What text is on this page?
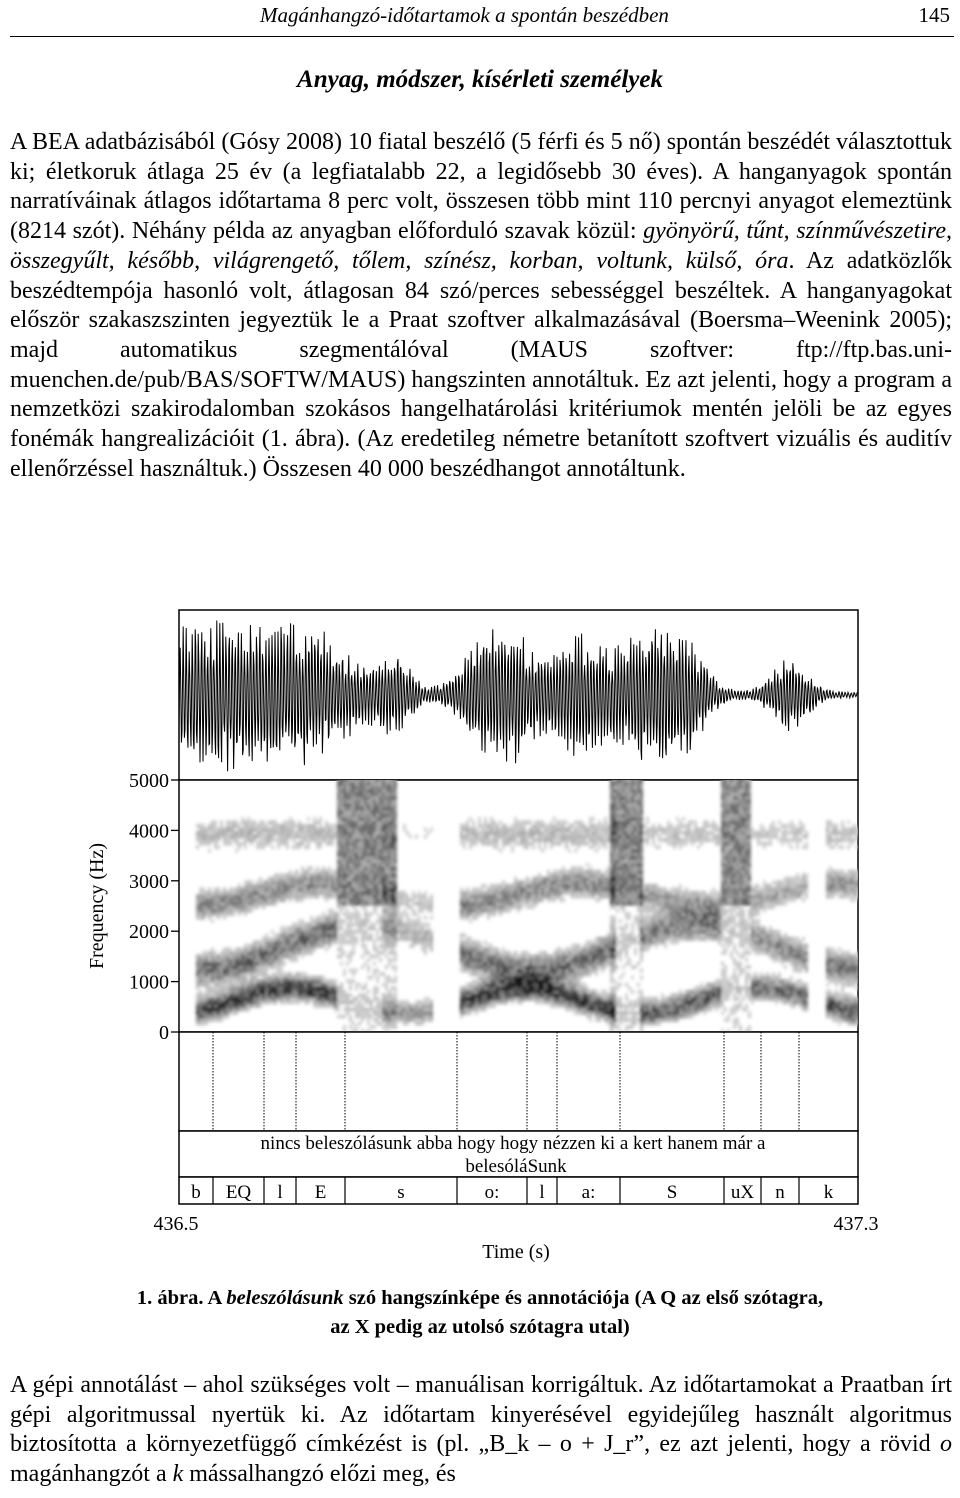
Magánhangzó-időtartamok a spontán beszédben	145
Anyag, módszer, kísérleti személyek

A BEA adatbázisából (Gósy 2008) 10 fiatal beszélő (5 férfi és 5 nő) spontán beszédét választottuk ki; életkoruk átlaga 25 év (a legfiatalabb 22, a legidősebb 30 éves). A hanganyagok spontán narratíváinak átlagos időtartama 8 perc volt, összesen több mint 110 percnyi anyagot elemeztünk (8214 szót). Néhány példa az anyagban előforduló szavak közül: gyönyörű, tűnt, színművészetire, összegyűlt, később, világrengető, tőlem, színész, korban, voltunk, külső, óra. Az adatközlők beszédtempója hasonló volt, átlagosan 84 szó/perces sebességgel beszéltek. A hanganyagokat először szakaszszinten jegyeztük le a Praat szoftver alkalmazásával (Boersma–Weenink 2005); majd automatikus szegmentálóval (MAUS szoftver: ftp://ftp.bas.uni-muenchen.de/pub/BAS/SOFTW/MAUS) hangszinten annotáltuk. Ez azt jelenti, hogy a program a nemzetközi szakirodalomban szokásos hangelhatárolási kritériumok mentén jelöli be az egyes fonémák hangrealizációit (1. ábra). (Az eredetileg németre betanított szoftvert vizuális és auditív ellenőrzéssel használtuk.) Összesen 40 000 beszédhangot annotáltunk.

5000
4000
3000
2000
1000
0
Frequency (Hz)
nincs beleszólásunk abba hogy hogy nézzen ki a kert hanem már a
belesóláSunk
b EQ l E	s	o: l a:	S	uX n k
436.5	437.3
Time (s)
1. ábra. A beleszólásunk szó hangszínképe és annotációja (A Q az első szótagra,
az X pedig az utolsó szótagra utal)

A gépi annotálást – ahol szükséges volt – manuálisan korrigáltuk. Az időtartamokat a Praatban írt gépi algoritmussal nyertük ki. Az időtartam kinyerésével egyidejűleg használt algoritmus biztosította a környezetfüggő címkézést is (pl. „B_k – o + J_r”, ez azt jelenti, hogy a rövid o magánhangzót a k mássalhangzó előzi meg, és
